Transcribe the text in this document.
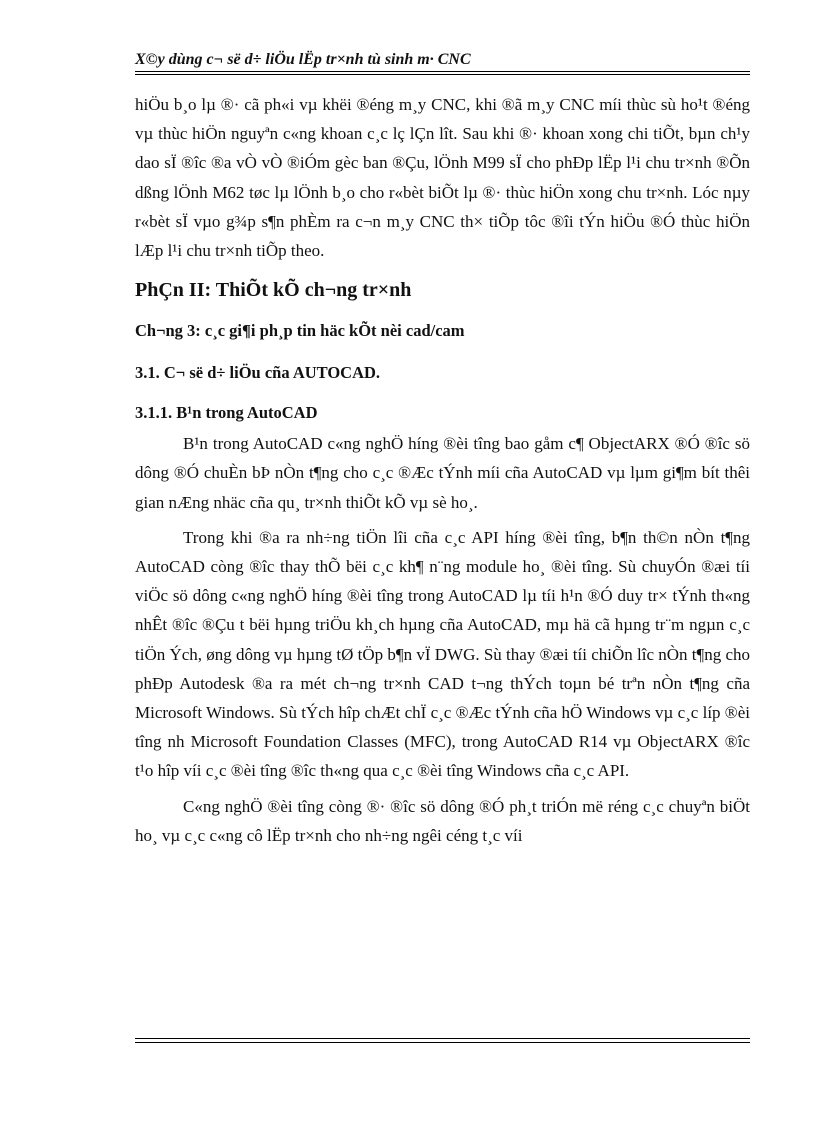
X©y dùng c¬ së d÷ liÖu lËp tr×nh tù sinh m· CNC

hiÖu b¸o lµ ®· cã ph«i vµ khëi ®éng m¸y CNC, khi ®ã m¸y CNC míi thùc sù ho¹t ®éng vµ thùc hiÖn nguyªn c«ng khoan c¸c lç lÇn lît. Sau khi ®· khoan xong chi tiÕt, bµn ch¹y dao sÏ ®îc ®a vÒ vÒ ®iÓm gèc ban ®Çu, lÖnh M99 sÏ cho phÐp lËp l¹i chu tr×nh ®Õn dßng lÖnh M62 tøc lµ lÖnh b¸o cho r«bèt biÕt lµ ®· thùc hiÖn xong chu tr×nh. Lóc nµy r«bèt sÏ vµo g¾p s¶n phÈm ra c¬n m¸y CNC th× tiÕp tôc ®îi tÝn hiÖu ®Ó thùc hiÖn lÆp l¹i chu tr×nh tiÕp theo.

PhÇn II: ThiÕt kÕ ch¬ng tr×nh
Ch¬ng 3: c¸c gi¶i ph¸p tin häc kÕt nèi cad/cam
3.1. C¬ së d÷ liÖu cña AUTOCAD.
3.1.1. B¹n trong AutoCAD

B¹n trong AutoCAD c«ng nghÖ híng ®èi tîng bao gåm c¶ ObjectARX ®Ó ®îc sö dông ®Ó chuÈn bÞ nÒn t¶ng cho c¸c ®Æc tÝnh míi cña AutoCAD vµ lµm gi¶m bít thêi gian nÆng nhäc cña qu¸ tr×nh thiÕt kÕ vµ sè ho¸.

Trong khi ®a ra nh÷ng tiÖn lîi cña c¸c API híng ®èi tîng, b¶n th©n nÒn t¶ng AutoCAD còng ®îc thay thÕ bëi c¸c kh¶ n¨ng module ho¸ ®èi tîng. Sù chuyÓn ®æi tíi viÖc sö dông c«ng nghÖ híng ®èi tîng trong AutoCAD lµ tíi h¹n ®Ó duy tr× tÝnh th«ng nhÊt ®îc ®Çu t bëi hµng triÖu kh¸ch hµng cña AutoCAD, mµ hä cã hµng tr¨m ngµn c¸c tiÖn Ých, øng dông vµ hµng tØ tÖp b¶n vÏ DWG. Sù thay ®æi tíi chiÕn lîc nÒn t¶ng cho phÐp Autodesk ®a ra mét ch¬ng tr×nh CAD t¬ng thÝch toµn bé trªn nÒn t¶ng cña Microsoft Windows. Sù tÝch hîp chÆt chÏ c¸c ®Æc tÝnh cña hÖ Windows vµ c¸c líp ®èi tîng nh Microsoft Foundation Classes (MFC), trong AutoCAD R14 vµ ObjectARX ®îc t¹o hîp víi c¸c ®èi tîng ®îc th«ng qua c¸c ®èi tîng Windows cña c¸c API.

C«ng nghÖ ®èi tîng còng ®· ®îc sö dông ®Ó ph¸t triÓn më réng c¸c chuyªn biÖt ho¸ vµ c¸c c«ng cô lËp tr×nh cho nh÷ng ngêi céng t¸c víi
